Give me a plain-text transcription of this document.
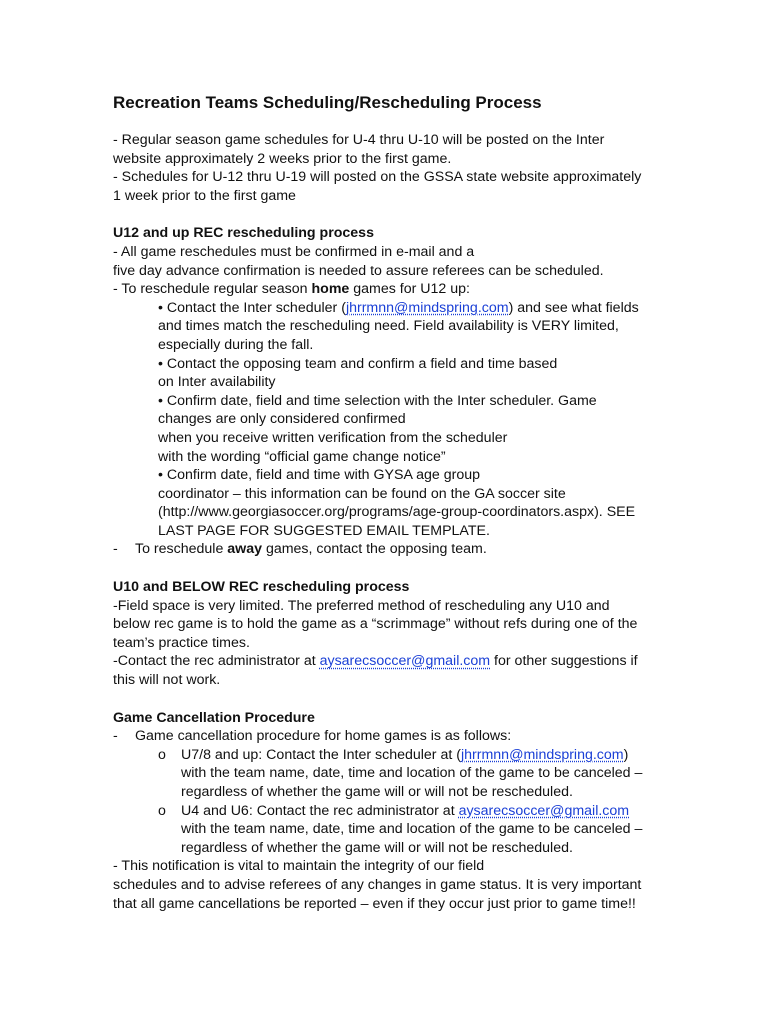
Recreation Teams Scheduling/Rescheduling Process

- Regular season game schedules for U-4 thru U-10 will be posted on the Inter

website approximately 2 weeks prior to the first game.

- Schedules for U-12 thru U-19 will posted on the GSSA state website approximately

1 week prior to the first game

U12 and up REC rescheduling process

- All game reschedules must be confirmed in e-mail and a

five day advance confirmation is needed to assure referees can be scheduled.

- To reschedule regular season home games for U12 up:

• Contact the Inter scheduler (jhrrmnn@mindspring.com) and see what fields

and times match the rescheduling need. Field availability is VERY limited,

especially during the fall.

• Contact the opposing team and confirm a field and time based

on Inter availability

• Confirm date, field and time selection with the Inter scheduler. Game

changes are only considered confirmed

when you receive written verification from the scheduler

with the wording “official game change notice”

• Confirm date, field and time with GYSA age group

coordinator – this information can be found on the GA soccer site

(http://www.georgiasoccer.org/programs/age-group-coordinators.aspx). SEE

LAST PAGE FOR SUGGESTED EMAIL TEMPLATE.

- To reschedule away games, contact the opposing team.

U10 and BELOW REC rescheduling process

-Field space is very limited. The preferred method of rescheduling any U10 and

below rec game is to hold the game as a “scrimmage” without refs during one of the

team’s practice times.

-Contact the rec administrator at aysarecsoccer@gmail.com for other suggestions if

this will not work.

Game Cancellation Procedure

- Game cancellation procedure for home games is as follows:

o U7/8 and up: Contact the Inter scheduler at (jhrrmnn@mindspring.com)

with the team name, date, time and location of the game to be canceled –

regardless of whether the game will or will not be rescheduled.

o U4 and U6: Contact the rec administrator at aysarecsoccer@gmail.com

with the team name, date, time and location of the game to be canceled –

regardless of whether the game will or will not be rescheduled.

- This notification is vital to maintain the integrity of our field

schedules and to advise referees of any changes in game status. It is very important

that all game cancellations be reported – even if they occur just prior to game time!!
